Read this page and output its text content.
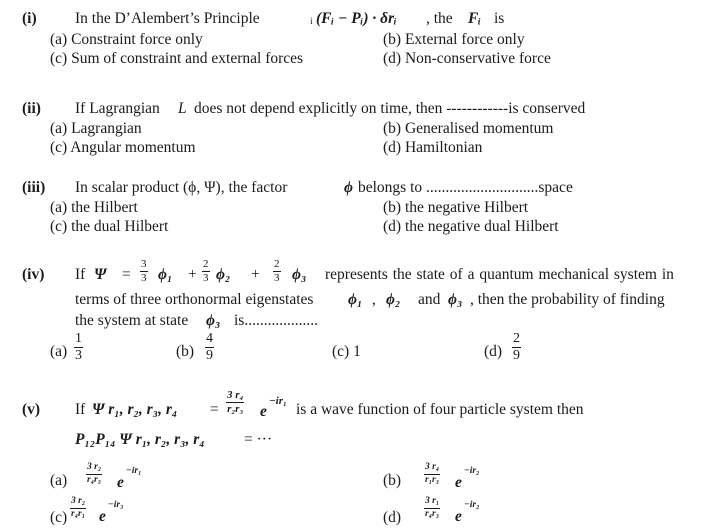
(i) In the D’Alembert’s Principle	i (Fᵢ − Pᵢ) · δrᵢ , the Fᵢ is
(a) Constraint force only	(b) External force only
(c) Sum of constraint and external forces	(d) Non-conservative force
(ii) If Lagrangian L does not depend explicitly on time, then ------------is conserved
(a) Lagrangian	(b) Generalised momentum
(c) Angular momentum	(d) Hamiltonian
(iii) In scalar product (ϕ, Ψ), the factor	ϕ belongs to .............................space
(a) the Hilbert	(b) the negative Hilbert
(c) the dual Hilbert	(d) the negative dual Hilbert
(iv) If Ψ =
3
3 ϕ₁ +
2
3 ϕ₂ +
2
3 ϕ₃ represents the state of a quantum mechanical system in
terms of three orthonormal eigenstates ϕ₁ , ϕ₂ and ϕ₃ , then the probability of finding
the system at state ϕ₃ is...................
(a)
1
3	(b)
4
9	(c) 1	(d)
2
9
(v) If Ψ r₁, r₂, r₃, r₄ =
3 r₄
r₂r₃ e
−ir₁ is a wave function of four particle system then
P₁₂P₁₄ Ψ r₁, r₂, r₃, r₄	= ···
(a)
3 r₂
r₄r₃ e
−ir₁
(b)
3 r₄
r₁r₃ e
−ir₂
(c)
3 r₂
r₄r₁ e
−ir₃
(d)
3 r₁
r₄r₃ e
−ir₂
